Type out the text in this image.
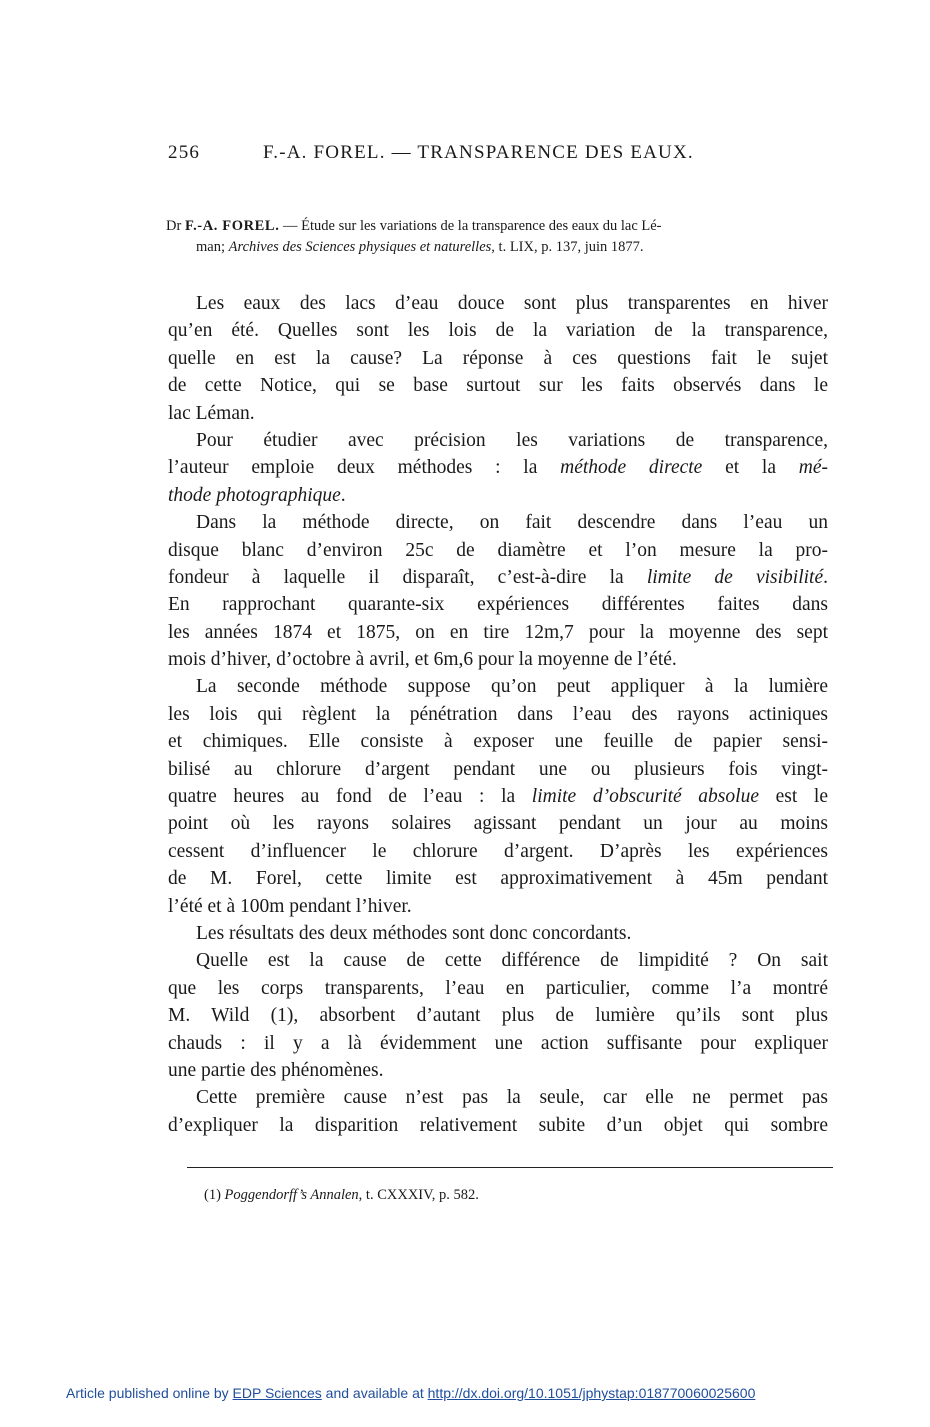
256	F.-A. FOREL. — TRANSPARENCE DES EAUX.
Dr F.-A. FOREL. — Étude sur les variations de la transparence des eaux du lac Lé-
man; Archives des Sciences physiques et naturelles, t. LIX, p. 137, juin 1877.
Les eaux des lacs d’eau douce sont plus transparentes en hiver
qu’en été. Quelles sont les lois de la variation de la transparence,
quelle en est la cause? La réponse à ces questions fait le sujet
de cette Notice, qui se base surtout sur les faits observés dans le
lac Léman.
Pour étudier avec précision les variations de transparence,
l’auteur emploie deux méthodes : la méthode directe et la mé-
thode photographique.
Dans la méthode directe, on fait descendre dans l’eau un
disque blanc d’environ 25c de diamètre et l’on mesure la pro-
fondeur à laquelle il disparaît, c’est-à-dire la limite de visibilité.
En rapprochant quarante-six expériences différentes faites dans
les années 1874 et 1875, on en tire 12m,7 pour la moyenne des sept
mois d’hiver, d’octobre à avril, et 6m,6 pour la moyenne de l’été.
La seconde méthode suppose qu’on peut appliquer à la lumière
les lois qui règlent la pénétration dans l’eau des rayons actiniques
et chimiques. Elle consiste à exposer une feuille de papier sensi-
bilisé au chlorure d’argent pendant une ou plusieurs fois vingt-
quatre heures au fond de l’eau : la limite d’obscurité absolue est le
point où les rayons solaires agissant pendant un jour au moins
cessent d’influencer le chlorure d’argent. D’après les expériences
de M. Forel, cette limite est approximativement à 45m pendant
l’été et à 100m pendant l’hiver.
Les résultats des deux méthodes sont donc concordants.
Quelle est la cause de cette différence de limpidité ? On sait
que les corps transparents, l’eau en particulier, comme l’a montré
M. Wild (1), absorbent d’autant plus de lumière qu’ils sont plus
chauds : il y a là évidemment une action suffisante pour expliquer
une partie des phénomènes.
Cette première cause n’est pas la seule, car elle ne permet pas
d’expliquer la disparition relativement subite d’un objet qui sombre
(1) Poggendorff’s Annalen, t. CXXXIV, p. 582.
Article published online by EDP Sciences and available at http://dx.doi.org/10.1051/jphystap:018770060025600
